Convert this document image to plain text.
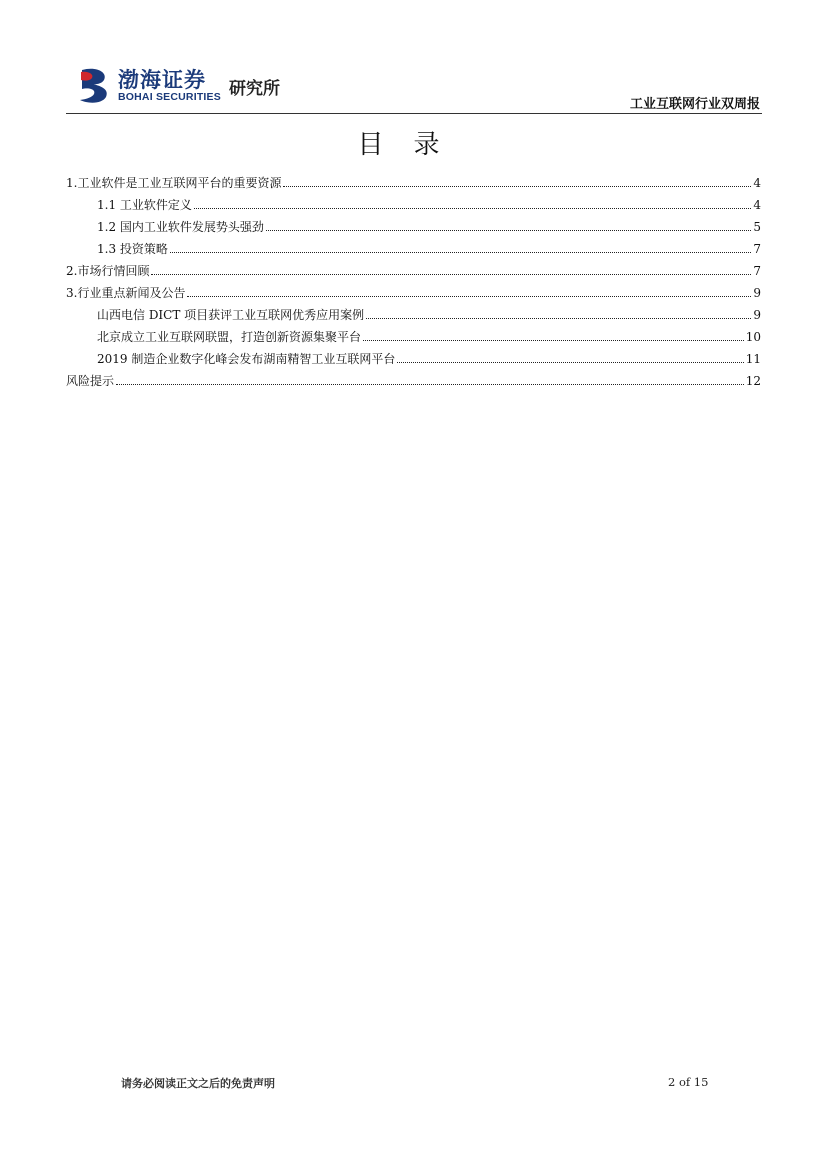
渤海证券
BOHAI SECURITIES 研究所
工业互联网行业双周报
目录
1.工业软件是工业互联网平台的重要资源	4
1.1 工业软件定义	4
1.2 国内工业软件发展势头强劲	5
1.3 投资策略	7
2.市场行情回顾	7
3.行业重点新闻及公告	9
山西电信 DICT 项目获评工业互联网优秀应用案例	9
北京成立工业互联网联盟，打造创新资源集聚平台	10
2019 制造企业数字化峰会发布湖南精智工业互联网平台	11
风险提示	12
请务必阅读正文之后的免责声明	2 of 15
